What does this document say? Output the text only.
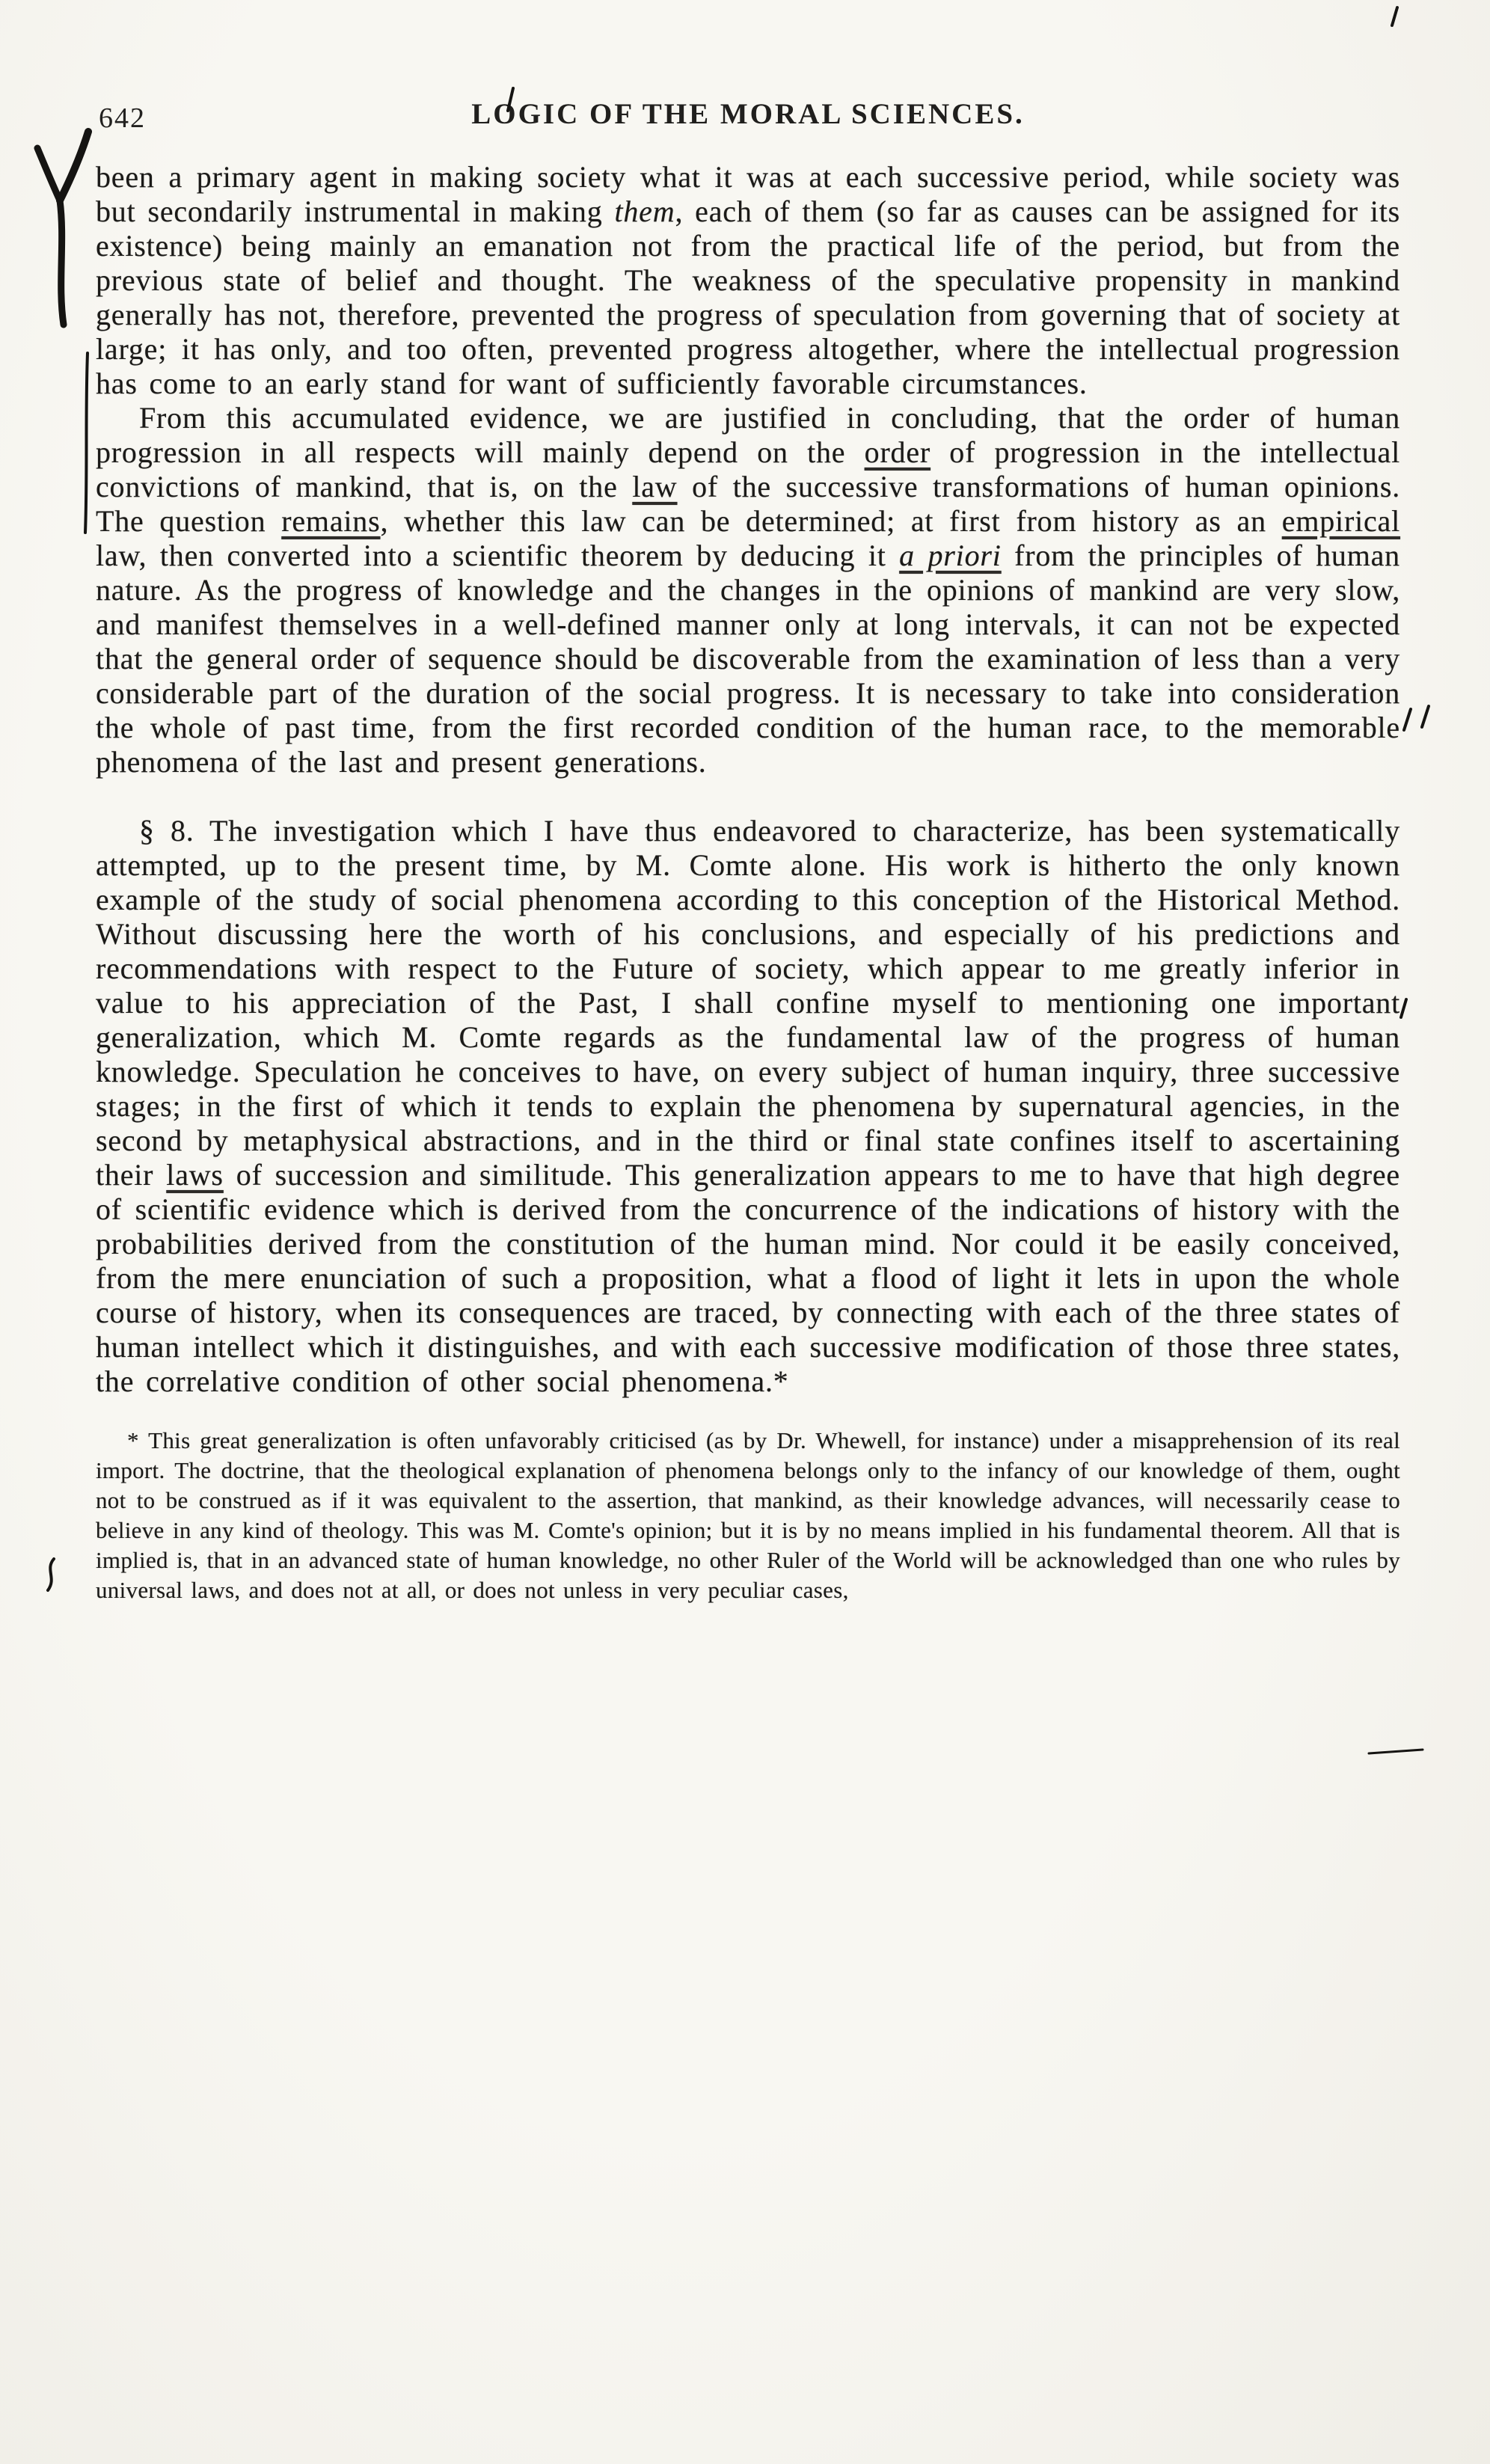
642	LOGIC OF THE MORAL SCIENCES.

been a primary agent in making society what it was at each successive period, while society was but secondarily instrumental in making them, each of them (so far as causes can be assigned for its existence) being mainly an emanation not from the practical life of the period, but from the previous state of belief and thought. The weakness of the speculative propensity in mankind generally has not, therefore, prevented the progress of speculation from governing that of society at large; it has only, and too often, prevented progress altogether, where the intellectual progression has come to an early stand for want of sufficiently favorable circumstances.

From this accumulated evidence, we are justified in concluding, that the order of human progression in all respects will mainly depend on the order of progression in the intellectual convictions of mankind, that is, on the law of the successive transformations of human opinions. The question remains, whether this law can be determined; at first from history as an empirical law, then converted into a scientific theorem by deducing it a priori from the principles of human nature. As the progress of knowledge and the changes in the opinions of mankind are very slow, and manifest themselves in a well-defined manner only at long intervals, it can not be expected that the general order of sequence should be discoverable from the examination of less than a very considerable part of the duration of the social progress. It is necessary to take into consideration the whole of past time, from the first recorded condition of the human race, to the memorable phenomena of the last and present generations.

§ 8. The investigation which I have thus endeavored to characterize, has been systematically attempted, up to the present time, by M. Comte alone. His work is hitherto the only known example of the study of social phenomena according to this conception of the Historical Method. Without discussing here the worth of his conclusions, and especially of his predictions and recommendations with respect to the Future of society, which appear to me greatly inferior in value to his appreciation of the Past, I shall confine myself to mentioning one important generalization, which M. Comte regards as the fundamental law of the progress of human knowledge. Speculation he conceives to have, on every subject of human inquiry, three successive stages; in the first of which it tends to explain the phenomena by supernatural agencies, in the second by metaphysical abstractions, and in the third or final state confines itself to ascertaining their laws of succession and similitude. This generalization appears to me to have that high degree of scientific evidence which is derived from the concurrence of the indications of history with the probabilities derived from the constitution of the human mind. Nor could it be easily conceived, from the mere enunciation of such a proposition, what a flood of light it lets in upon the whole course of history, when its consequences are traced, by connecting with each of the three states of human intellect which it distinguishes, and with each successive modification of those three states, the correlative condition of other social phenomena.*

* This great generalization is often unfavorably criticised (as by Dr. Whewell, for instance) under a misapprehension of its real import. The doctrine, that the theological explanation of phenomena belongs only to the infancy of our knowledge of them, ought not to be construed as if it was equivalent to the assertion, that mankind, as their knowledge advances, will necessarily cease to believe in any kind of theology. This was M. Comte's opinion; but it is by no means implied in his fundamental theorem. All that is implied is, that in an advanced state of human knowledge, no other Ruler of the World will be acknowledged than one who rules by universal laws, and does not at all, or does not unless in very peculiar cases,
